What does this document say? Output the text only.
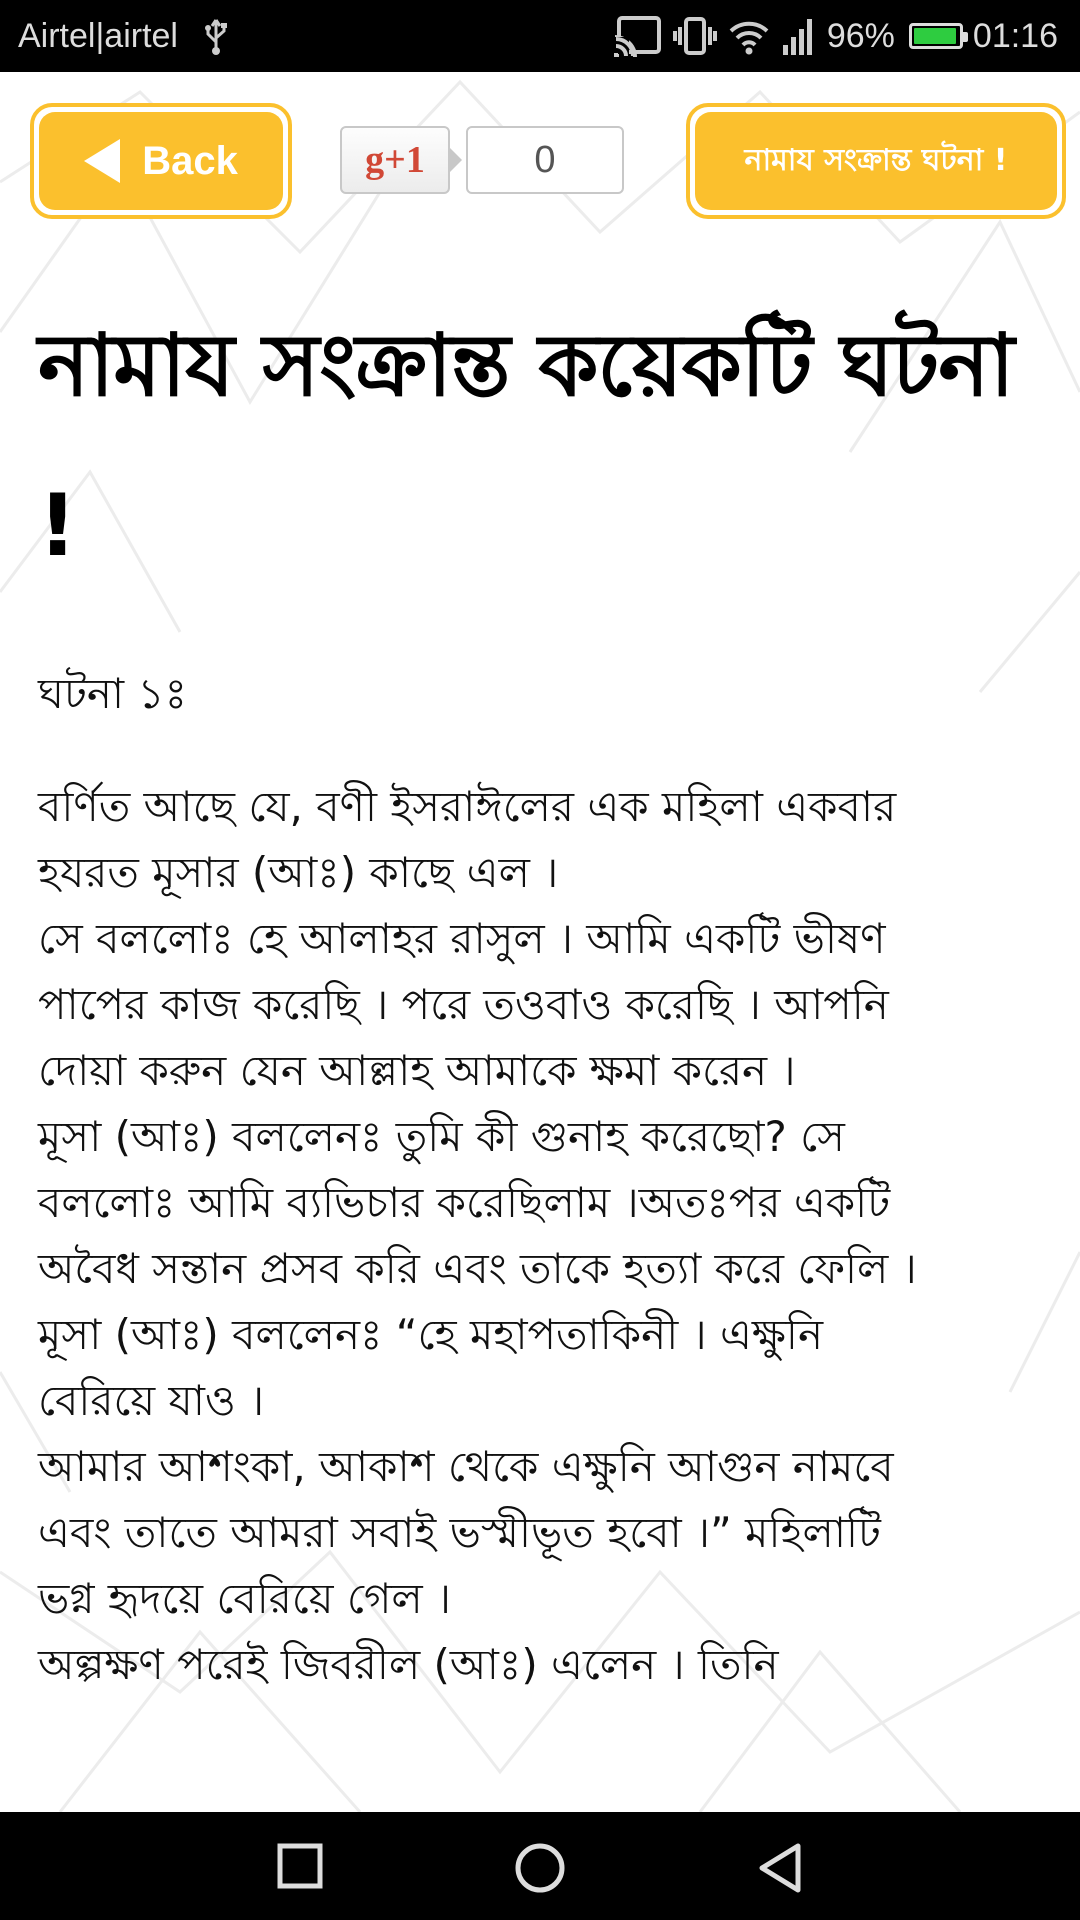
Airtel|airtel	96% 01:16
Back	g+1	0	নামায সংক্রান্ত ঘটনা !
নামায সংক্রান্ত কয়েকটি ঘটনা !

ঘটনা ১ঃ

বর্ণিত আছে যে, বণী ইসরাঈলের এক মহিলা একবার
হযরত মূসার (আঃ) কাছে এল ।
সে বললোঃ হে আলাহর রাসুল । আমি একটি ভীষণ
পাপের কাজ করেছি । পরে তওবাও করেছি । আপনি
দোয়া করুন যেন আল্লাহ আমাকে ক্ষমা করেন ।
মূসা (আঃ) বললেনঃ তুমি কী গুনাহ করেছো? সে
বললোঃ আমি ব্যভিচার করেছিলাম ।অতঃপর একটি
অবৈধ সন্তান প্রসব করি এবং তাকে হত্যা করে ফেলি ।
মূসা (আঃ) বললেনঃ “হে মহাপতাকিনী । এক্ষুনি
বেরিয়ে যাও ।
আমার আশংকা, আকাশ থেকে এক্ষুনি আগুন নামবে
এবং তাতে আমরা সবাই ভস্মীভূত হবো ।” মহিলাটি
ভগ্ন হৃদয়ে বেরিয়ে গেল ।
অল্পক্ষণ পরেই জিবরীল (আঃ) এলেন । তিনি
